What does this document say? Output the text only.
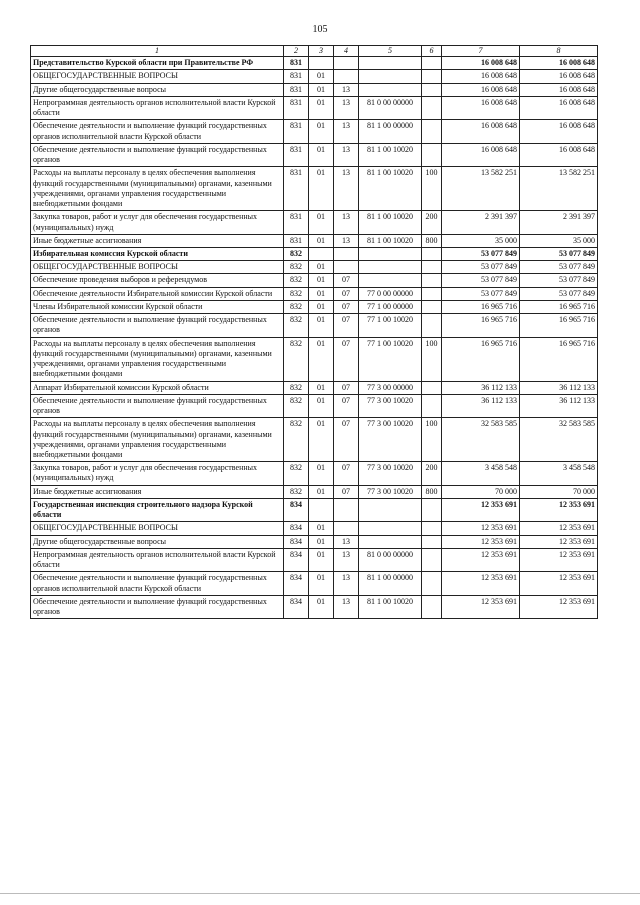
105
1	2	3	4	5	6	7	8
Представительство Курской области при Правительстве РФ	831					16 008 648	16 008 648
ОБЩЕГОСУДАРСТВЕННЫЕ ВОПРОСЫ	831	01				16 008 648	16 008 648
Другие общегосударственные вопросы	831	01	13			16 008 648	16 008 648
Непрограммная деятельность органов исполнительной власти Курской области	831	01	13	81 0 00 00000		16 008 648	16 008 648
Обеспечение деятельности и выполнение функций государственных органов исполнительной власти Курской области	831	01	13	81 1 00 00000		16 008 648	16 008 648
Обеспечение деятельности и выполнение функций государственных органов	831	01	13	81 1 00 10020		16 008 648	16 008 648
Расходы на выплаты персоналу в целях обеспечения выполнения функций государственными (муниципальными) органами, казенными учреждениями, органами управления государственными внебюджетными фондами	831	01	13	81 1 00 10020	100	13 582 251	13 582 251
Закупка товаров, работ и услуг для обеспечения государственных (муниципальных) нужд	831	01	13	81 1 00 10020	200	2 391 397	2 391 397
Иные бюджетные ассигнования	831	01	13	81 1 00 10020	800	35 000	35 000
Избирательная комиссия Курской области	832					53 077 849	53 077 849
ОБЩЕГОСУДАРСТВЕННЫЕ ВОПРОСЫ	832	01				53 077 849	53 077 849
Обеспечение проведения выборов и референдумов	832	01	07			53 077 849	53 077 849
Обеспечение деятельности Избирательной комиссии Курской области	832	01	07	77 0 00 00000		53 077 849	53 077 849
Члены Избирательной комиссии Курской области	832	01	07	77 1 00 00000		16 965 716	16 965 716
Обеспечение деятельности и выполнение функций государственных органов	832	01	07	77 1 00 10020		16 965 716	16 965 716
Расходы на выплаты персоналу в целях обеспечения выполнения функций государственными (муниципальными) органами, казенными учреждениями, органами управления государственными внебюджетными фондами	832	01	07	77 1 00 10020	100	16 965 716	16 965 716
Аппарат Избирательной комиссии Курской области	832	01	07	77 3 00 00000		36 112 133	36 112 133
Обеспечение деятельности и выполнение функций государственных органов	832	01	07	77 3 00 10020		36 112 133	36 112 133
Расходы на выплаты персоналу в целях обеспечения выполнения функций государственными (муниципальными) органами, казенными учреждениями, органами управления государственными внебюджетными фондами	832	01	07	77 3 00 10020	100	32 583 585	32 583 585
Закупка товаров, работ и услуг для обеспечения государственных (муниципальных) нужд	832	01	07	77 3 00 10020	200	3 458 548	3 458 548
Иные бюджетные ассигнования	832	01	07	77 3 00 10020	800	70 000	70 000
Государственная инспекция строительного надзора Курской области	834					12 353 691	12 353 691
ОБЩЕГОСУДАРСТВЕННЫЕ ВОПРОСЫ	834	01				12 353 691	12 353 691
Другие общегосударственные вопросы	834	01	13			12 353 691	12 353 691
Непрограммная деятельность органов исполнительной власти Курской области	834	01	13	81 0 00 00000		12 353 691	12 353 691
Обеспечение деятельности и выполнение функций государственных органов исполнительной власти Курской области	834	01	13	81 1 00 00000		12 353 691	12 353 691
Обеспечение деятельности и выполнение функций государственных органов	834	01	13	81 1 00 10020		12 353 691	12 353 691
